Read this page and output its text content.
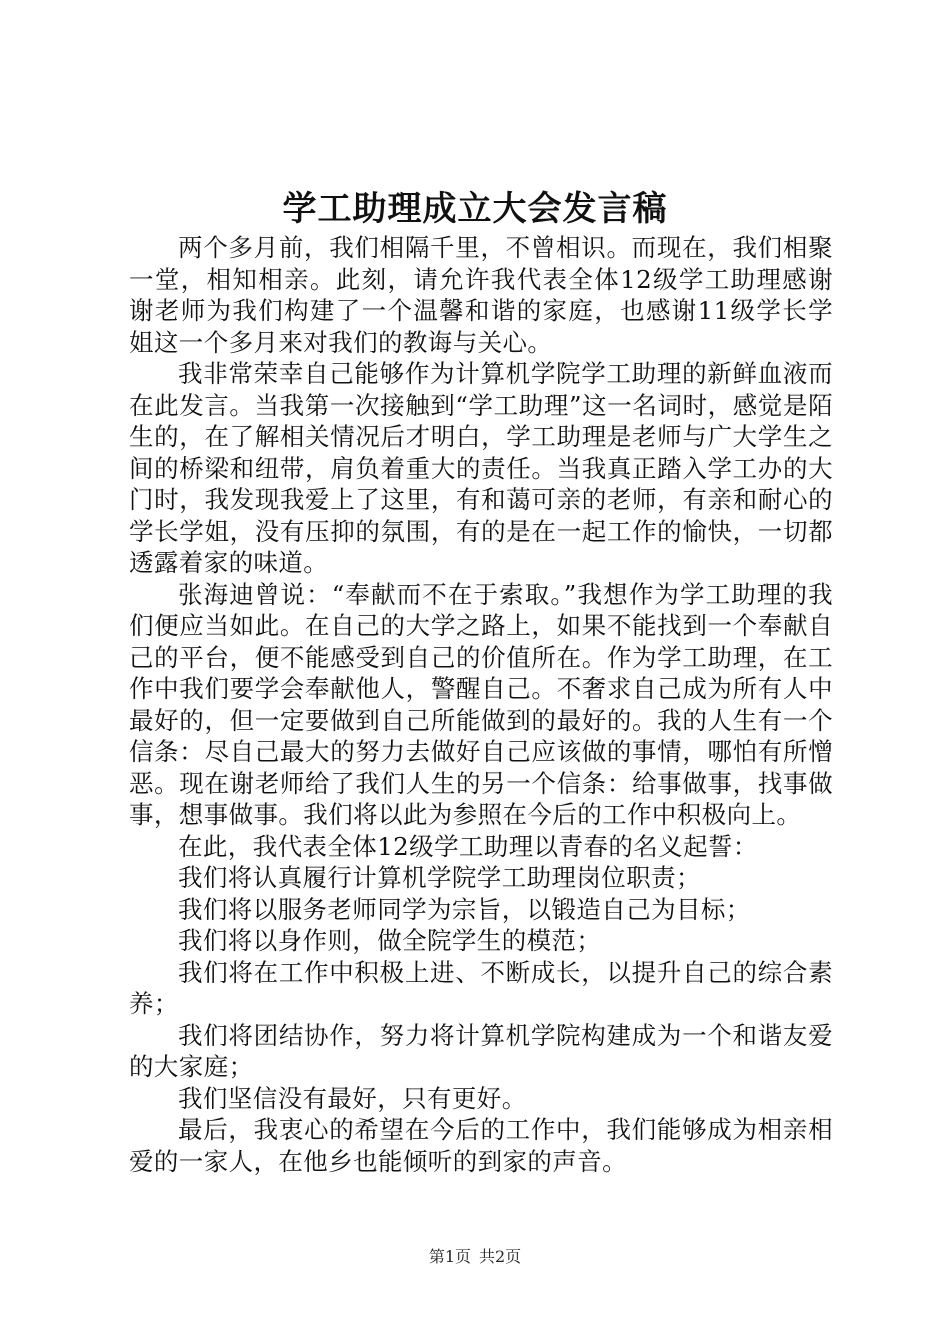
学工助理成立大会发言稿

两个多月前，我们相隔千里，不曾相识。而现在，我们相聚一堂，相知相亲。此刻，请允许我代表全体12级学工助理感谢谢老师为我们构建了一个温馨和谐的家庭，也感谢11级学长学姐这一个多月来对我们的教诲与关心。

我非常荣幸自己能够作为计算机学院学工助理的新鲜血液而在此发言。当我第一次接触到“学工助理”这一名词时，感觉是陌生的，在了解相关情况后才明白，学工助理是老师与广大学生之间的桥梁和纽带，肩负着重大的责任。当我真正踏入学工办的大门时，我发现我爱上了这里，有和蔼可亲的老师，有亲和耐心的学长学姐，没有压抑的氛围，有的是在一起工作的愉快，一切都透露着家的味道。

张海迪曾说：“奉献而不在于索取。”我想作为学工助理的我们便应当如此。在自己的大学之路上，如果不能找到一个奉献自己的平台，便不能感受到自己的价值所在。作为学工助理，在工作中我们要学会奉献他人，警醒自己。不奢求自己成为所有人中最好的，但一定要做到自己所能做到的最好的。我的人生有一个信条：尽自己最大的努力去做好自己应该做的事情，哪怕有所憎恶。现在谢老师给了我们人生的另一个信条：给事做事，找事做事，想事做事。我们将以此为参照在今后的工作中积极向上。

在此，我代表全体12级学工助理以青春的名义起誓：

我们将认真履行计算机学院学工助理岗位职责；

我们将以服务老师同学为宗旨，以锻造自己为目标；

我们将以身作则，做全院学生的模范；

我们将在工作中积极上进、不断成长，以提升自己的综合素养；

我们将团结协作，努力将计算机学院构建成为一个和谐友爱的大家庭；

我们坚信没有最好，只有更好。

最后，我衷心的希望在今后的工作中，我们能够成为相亲相爱的一家人，在他乡也能倾听的到家的声音。

第1页 共2页
